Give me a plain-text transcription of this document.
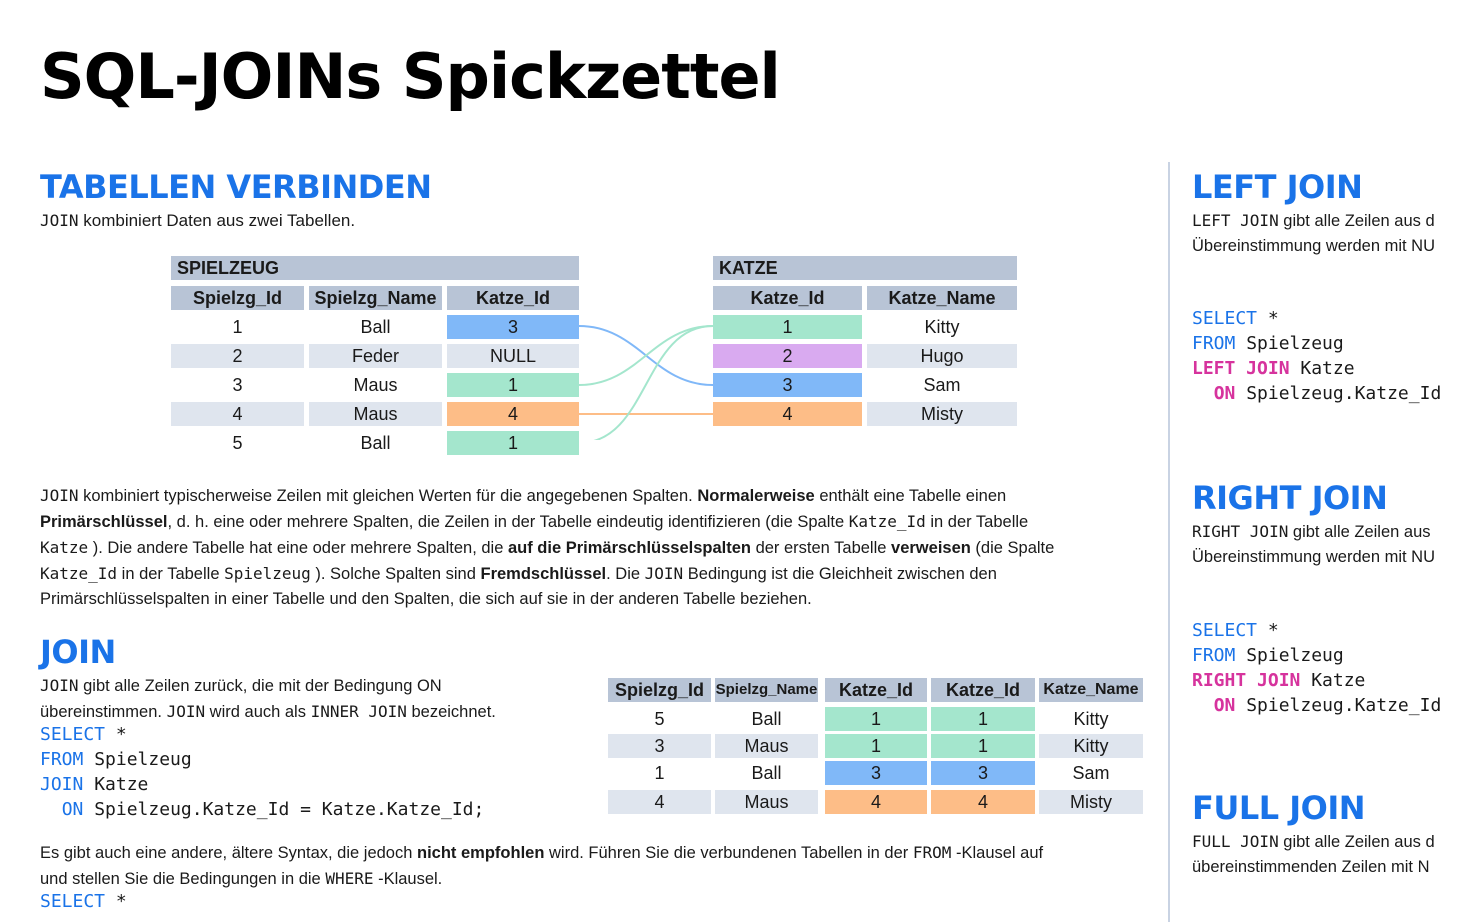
SQL-JOINs Spickzettel
TABELLEN VERBINDEN

JOIN kombiniert Daten aus zwei Tabellen.

SPIELZEUG
Spielzg_Id	Spielzg_Name	Katze_Id
1	Ball	3
2	Feder	NULL
3	Maus	1
4	Maus	4
5	Ball	1
KATZE
Katze_Id	Katze_Name
1	Kitty
2	Hugo
3	Sam
4	Misty
JOIN kombiniert typischerweise Zeilen mit gleichen Werten für die angegebenen Spalten. Normalerweise enthält eine Tabelle einen
Primärschlüssel, d. h. eine oder mehrere Spalten, die Zeilen in der Tabelle eindeutig identifizieren (die Spalte Katze_Id in der Tabelle
Katze ). Die andere Tabelle hat eine oder mehrere Spalten, die auf die Primärschlüsselspalten der ersten Tabelle verweisen (die Spalte
Katze_Id in der Tabelle Spielzeug ). Solche Spalten sind Fremdschlüssel. Die JOIN Bedingung ist die Gleichheit zwischen den
Primärschlüsselspalten in einer Tabelle und den Spalten, die sich auf sie in der anderen Tabelle beziehen.
JOIN
JOIN gibt alle Zeilen zurück, die mit der Bedingung ON
übereinstimmen. JOIN wird auch als INNER JOIN bezeichnet.
SELECT *
FROM Spielzeug
JOIN Katze
ON Spielzeug.Katze_Id = Katze.Katze_Id;
Spielzg_Id Spielzg_Name	Katze_Id	Katze_Id	Katze_Name
5	Ball	1	1	Kitty
3	Maus	1	1	Kitty
1	Ball	3	3	Sam
4	Maus	4	4	Misty
Es gibt auch eine andere, ältere Syntax, die jedoch nicht empfohlen wird. Führen Sie die verbundenen Tabellen in der FROM -Klausel auf
und stellen Sie die Bedingungen in die WHERE -Klausel.
SELECT *
LEFT JOIN
LEFT JOIN gibt alle Zeilen aus d
Übereinstimmung werden mit NU
SELECT *
FROM Spielzeug
LEFT JOIN Katze
ON Spielzeug.Katze_Id
RIGHT JOIN
RIGHT JOIN gibt alle Zeilen aus
Übereinstimmung werden mit NU
SELECT *
FROM Spielzeug
RIGHT JOIN Katze
ON Spielzeug.Katze_Id
FULL JOIN
FULL JOIN gibt alle Zeilen aus d
übereinstimmenden Zeilen mit N
